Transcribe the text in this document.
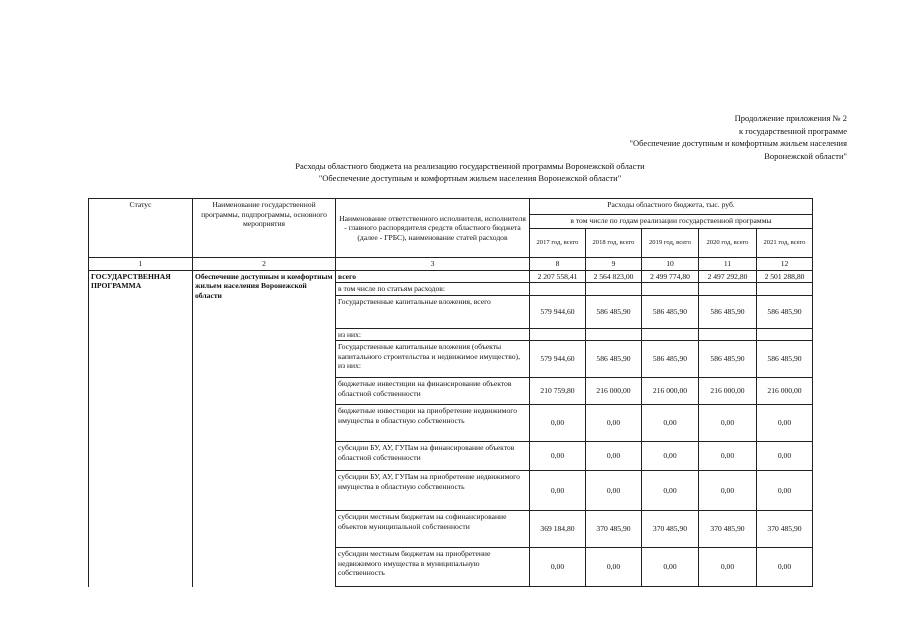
Продолжение приложения № 2
к государственной программе
"Обеспечение доступным и комфортным жильем населения
Воронежской области"
Расходы областного бюджета на реализацию государственной программы Воронежской области
"Обеспечение доступным и комфортным жильем населения Воронежской области"
Статус	Наименование государственной программы, подпрограммы, основного мероприятия	Наименование ответственного исполнителя, исполнителя - главного распорядителя средств областного бюджета (далее - ГРБС), наименование статей расходов	Расходы областного бюджета, тыс. руб.				
			в том числе по годам реализации государственной программы				
			2017 год, всего	2018 год, всего	2019 год, всего	2020 год, всего	2021 год, всего
1	2	3	8	9	10	11	12
ГОСУДАРСТВЕННАЯ ПРОГРАММА	Обеспечение доступным и комфортным жильем населения Воронежской области	всего	2 207 558,41	2 564 823,00	2 499 774,80	2 497 292,80	2 501 288,80
		в том числе по статьям расходов:					
		Государственные капитальные вложения, всего	579 944,60	586 485,90	586 485,90	586 485,90	586 485,90
		из них:					
		Государственные капитальные вложения (объекты капитального строительства и недвижимое имущество), из них:	579 944,60	586 485,90	586 485,90	586 485,90	586 485,90
		бюджетные инвестиции на финансирование объектов областной собственности	210 759,80	216 000,00	216 000,00	216 000,00	216 000,00
		бюджетные инвестиции на приобретение недвижимого имущества в областную собственность	0,00	0,00	0,00	0,00	0,00
		субсидии БУ, АУ, ГУПам на финансирование объектов областной собственности	0,00	0,00	0,00	0,00	0,00
		субсидии БУ, АУ, ГУПам на приобретение недвижимого имущества в областную собственность	0,00	0,00	0,00	0,00	0,00
		субсидии местным бюджетам на софинансирование объектов муниципальной собственности	369 184,80	370 485,90	370 485,90	370 485,90	370 485,90
		субсидии местным бюджетам на приобретение недвижимого имущества в муниципальную собственность	0,00	0,00	0,00	0,00	0,00
